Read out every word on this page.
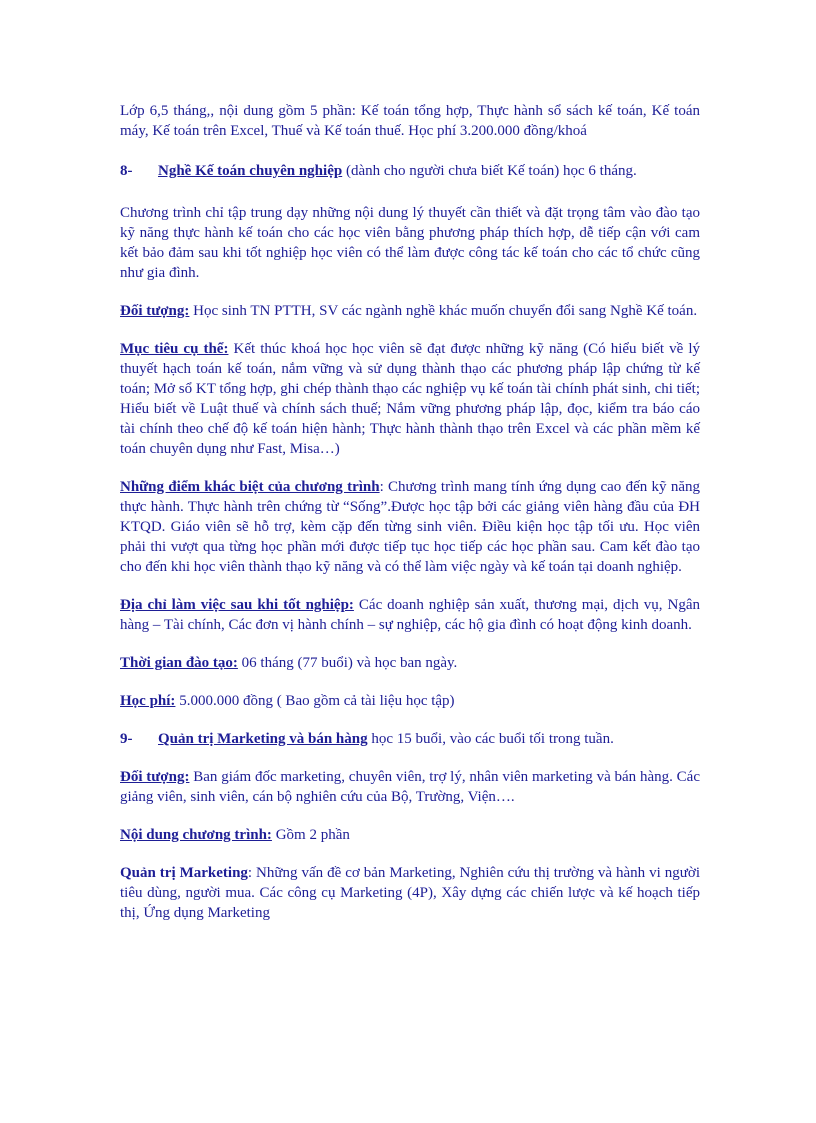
Lớp 6,5 tháng,, nội dung gồm 5 phần: Kế toán tổng hợp, Thực hành sổ sách kế toán, Kế toán máy, Kế toán trên Excel, Thuế và Kế toán thuế. Học phí 3.200.000 đồng/khoá

8- Nghề Kế toán chuyên nghiệp (dành cho người chưa biết Kế toán) học 6 tháng.

Chương trình chỉ tập trung dạy những nội dung lý thuyết cần thiết và đặt trọng tâm vào đào tạo kỹ năng thực hành kế toán cho các học viên bằng phương pháp thích hợp, dễ tiếp cận với cam kết bảo đảm sau khi tốt nghiệp học viên có thể làm được công tác kế toán cho các tổ chức cũng như gia đình.

Đối tượng: Học sinh TN PTTH, SV các ngành nghề khác muốn chuyển đổi sang Nghề Kế toán.

Mục tiêu cụ thể: Kết thúc khoá học học viên sẽ đạt được những kỹ năng (Có hiểu biết về lý thuyết hạch toán kế toán, nắm vững và sử dụng thành thạo các phương pháp lập chứng từ kế toán; Mở sổ KT tổng hợp, ghi chép thành thạo các nghiệp vụ kế toán tài chính phát sinh, chi tiết; Hiểu biết về Luật thuế và chính sách thuế; Nắm vững phương pháp lập, đọc, kiểm tra báo cáo tài chính theo chế độ kế toán hiện hành; Thực hành thành thạo trên Excel và các phần mềm kế toán chuyên dụng như Fast, Misa…)

Những điểm khác biệt của chương trình: Chương trình mang tính ứng dụng cao đến kỹ năng thực hành. Thực hành trên chứng từ “Sống”.Được học tập bởi các giảng viên hàng đầu của ĐH KTQD. Giáo viên sẽ hỗ trợ, kèm cặp đến từng sinh viên. Điều kiện học tập tối ưu. Học viên phải thi vượt qua từng học phần mới được tiếp tục học tiếp các học phần sau. Cam kết đào tạo cho đến khi học viên thành thạo kỹ năng và có thể làm việc ngày và kế toán tại doanh nghiệp.

Địa chỉ làm việc sau khi tốt nghiệp: Các doanh nghiệp sản xuất, thương mại, dịch vụ, Ngân hàng – Tài chính, Các đơn vị hành chính – sự nghiệp, các hộ gia đình có hoạt động kinh doanh.

Thời gian đào tạo: 06 tháng (77 buổi) và học ban ngày.

Học phí: 5.000.000 đồng ( Bao gồm cả tài liệu học tập)

9- Quản trị Marketing và bán hàng học 15 buổi, vào các buổi tối trong tuần.

Đối tượng: Ban giám đốc marketing, chuyên viên, trợ lý, nhân viên marketing và bán hàng. Các giảng viên, sinh viên, cán bộ nghiên cứu của Bộ, Trường, Viện….

Nội dung chương trình: Gồm 2 phần

Quản trị Marketing: Những vấn đề cơ bản Marketing, Nghiên cứu thị trường và hành vi người tiêu dùng, người mua. Các công cụ Marketing (4P), Xây dựng các chiến lược và kế hoạch tiếp thị, Ứng dụng Marketing
